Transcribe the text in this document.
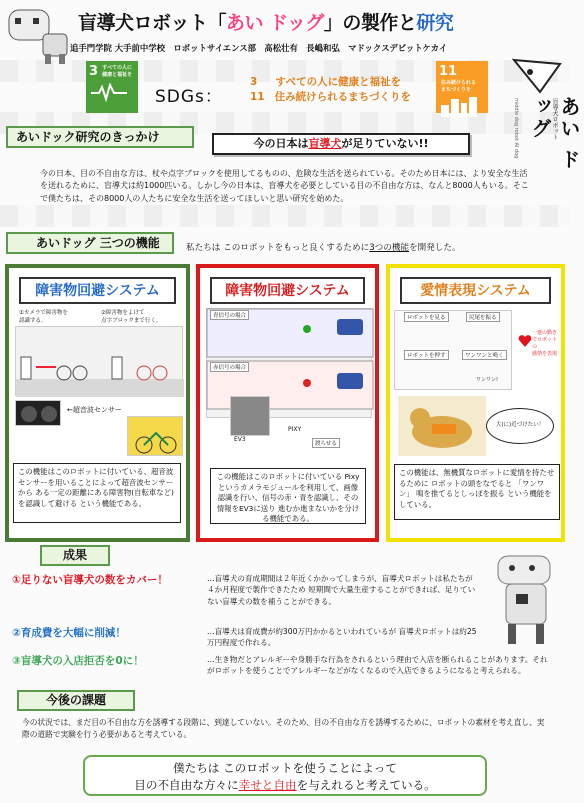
盲導犬ロボット「あい ドッグ」の製作と研究
追手門学院 大手前中学校　ロボットサイエンス部　髙松壮有　長嶋和弘　マドックスデビットケカイ
盲導犬ロボット あい ドッグ
middle dog robot AI dog
3 すべての人に
健康と福祉を
SDGs：
3 すべての人に健康と福祉を
11 住み続けられるまちづくりを
11 住み続けられる
まちづくりを
あいドック研究のきっかけ	今の日本は盲導犬が足りていない!!
今の日本、目の不自由な方は、杖や点字ブロックを使用してるものの、危険な生活を送られている。そのため日本には、より安全な生活を送れるために、盲導犬は約1000匹いる。しかし今の日本は、盲導犬を必要としている目の不自由な方は、なんと8000人もいる。そこで僕たちは、その8000人の人たちに安全な生活を送ってほしいと思い研究を始めた。
あいドッグ 三つの機能	私たちは このロボットをもっと良くするために3つの機能を開発した。
障害物回避システム
①カメラで障害物を
認識する。
②障害物をよけて
点字ブロックまで行く。
←超音波センサー
この機能はこのロボットに付いている、超音波センサーを用いることによって超音波センサーから ある一定の距離にある障害物(自転車など)を認識して避ける という機能である。
障害物回避システム
青信号の場合
赤信号の場合
EV3
PIXY
渡らせる
この機能はこのロボットに付いている Pixyというカメラモジュールを利用して、画像認識を行い、信号の赤・青を認識し、その情報をEV3に送り 進むか進まないかを分ける機能である。
愛情表現システム
ロボットを見る	尻尾を振る
ロボットを押す	ワンワンと鳴く
ワンワン!
一連の動き
でロボットの
感情を表現
大(に)近づけたい！
この機能は、無機質なロボットに愛情を持たせるために ロボットの頭をなでると 「ワンワン」 鳴を推てるとしっぽを振る という機能をしている。
成果
①足りない盲導犬の数をカバー！	…盲導犬の育成期間は２年近くかかってしまうが、盲導犬ロボットは私たちが４か月程度で製作できたため 短期間で大量生産することができれば、足りていない盲導犬の数を補うことができる。
②育成費を大幅に削減！	…盲導犬は育成費が約300万円かかるといわれているが 盲導犬ロボットは約25万円程度で作れる。
③盲導犬の入店拒否を0に！	…生き物だとアレルギーや身勝手な行為をされるという理由で入店を断られることがあります。それがロボットを使うことでアレルギーなどがなくなるので入店できるようになると考えられる。
今後の課題
今の状況では、まだ目の不自由な方を誘導する段階に、到達していない。そのため、目の不自由な方を誘導するために、ロボットの素材を考え直し、実際の道路で実験を行う必要があると考えている。
僕たちは このロボットを使うことによって
目の不自由な方々に幸せと自由を与えれると考えている。
